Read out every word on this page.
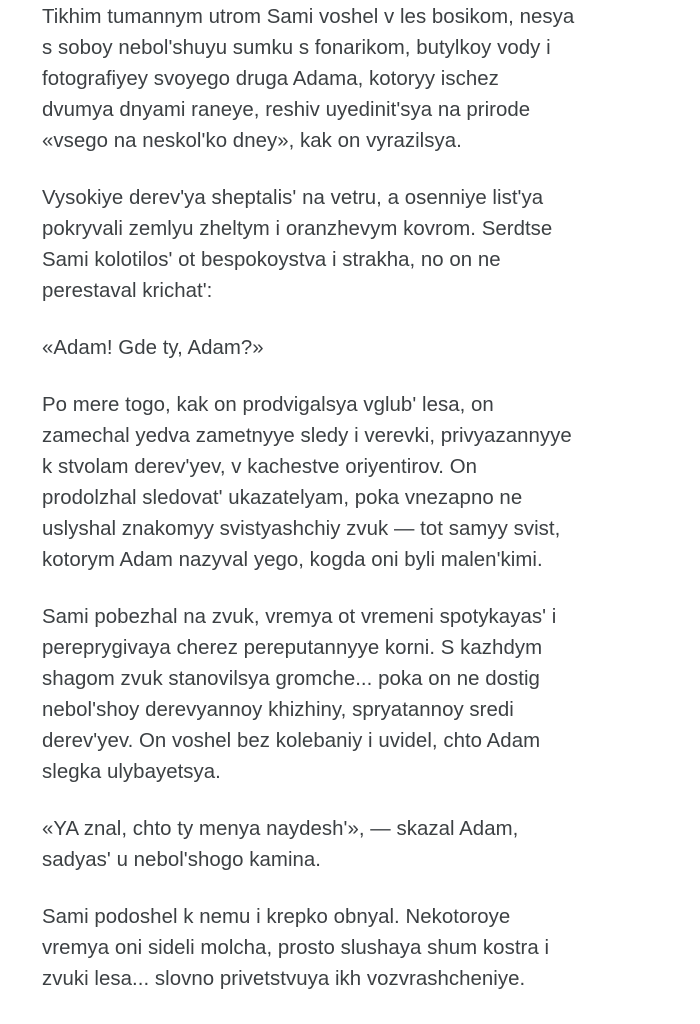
Tikhim tumannym utrom Sami voshel v les bosikom, nesya
s soboy nebol'shuyu sumku s fonarikom, butylkoy vody i
fotografiyey svoyego druga Adama, kotoryy ischez
dvumya dnyami raneye, reshiv uyedinit'sya na prirode
«vsego na neskol'ko dney», kak on vyrazilsya.

Vysokiye derev'ya sheptalis' na vetru, a osenniye list'ya
pokryvali zemlyu zheltym i oranzhevym kovrom. Serdtse
Sami kolotilos' ot bespokoystva i strakha, no on ne
perestaval krichat':

«Adam! Gde ty, Adam?»

Po mere togo, kak on prodvigalsya vglub' lesa, on
zamechal yedva zametnyye sledy i verevki, privyazannyye
k stvolam derev'yev, v kachestve oriyentirov. On
prodolzhal sledovat' ukazatelyam, poka vnezapno ne
uslyshal znakomyy svistyashchiy zvuk — tot samyy svist,
kotorym Adam nazyval yego, kogda oni byli malen'kimi.

Sami pobezhal na zvuk, vremya ot vremeni spotykayas' i
pereprygivaya cherez pereputannyye korni. S kazhdym
shagom zvuk stanovilsya gromche... poka on ne dostig
nebol'shoy derevyannoy khizhiny, spryatannoy sredi
derev'yev. On voshel bez kolebaniy i uvidel, chto Adam
slegka ulybayetsya.

«YA znal, chto ty menya naydesh'», — skazal Adam,
sadyas' u nebol'shogo kamina.

Sami podoshel k nemu i krepko obnyal. Nekotoroye
vremya oni sideli molcha, prosto slushaya shum kostra i
zvuki lesa... slovno privetstvuya ikh vozvrashcheniye.
